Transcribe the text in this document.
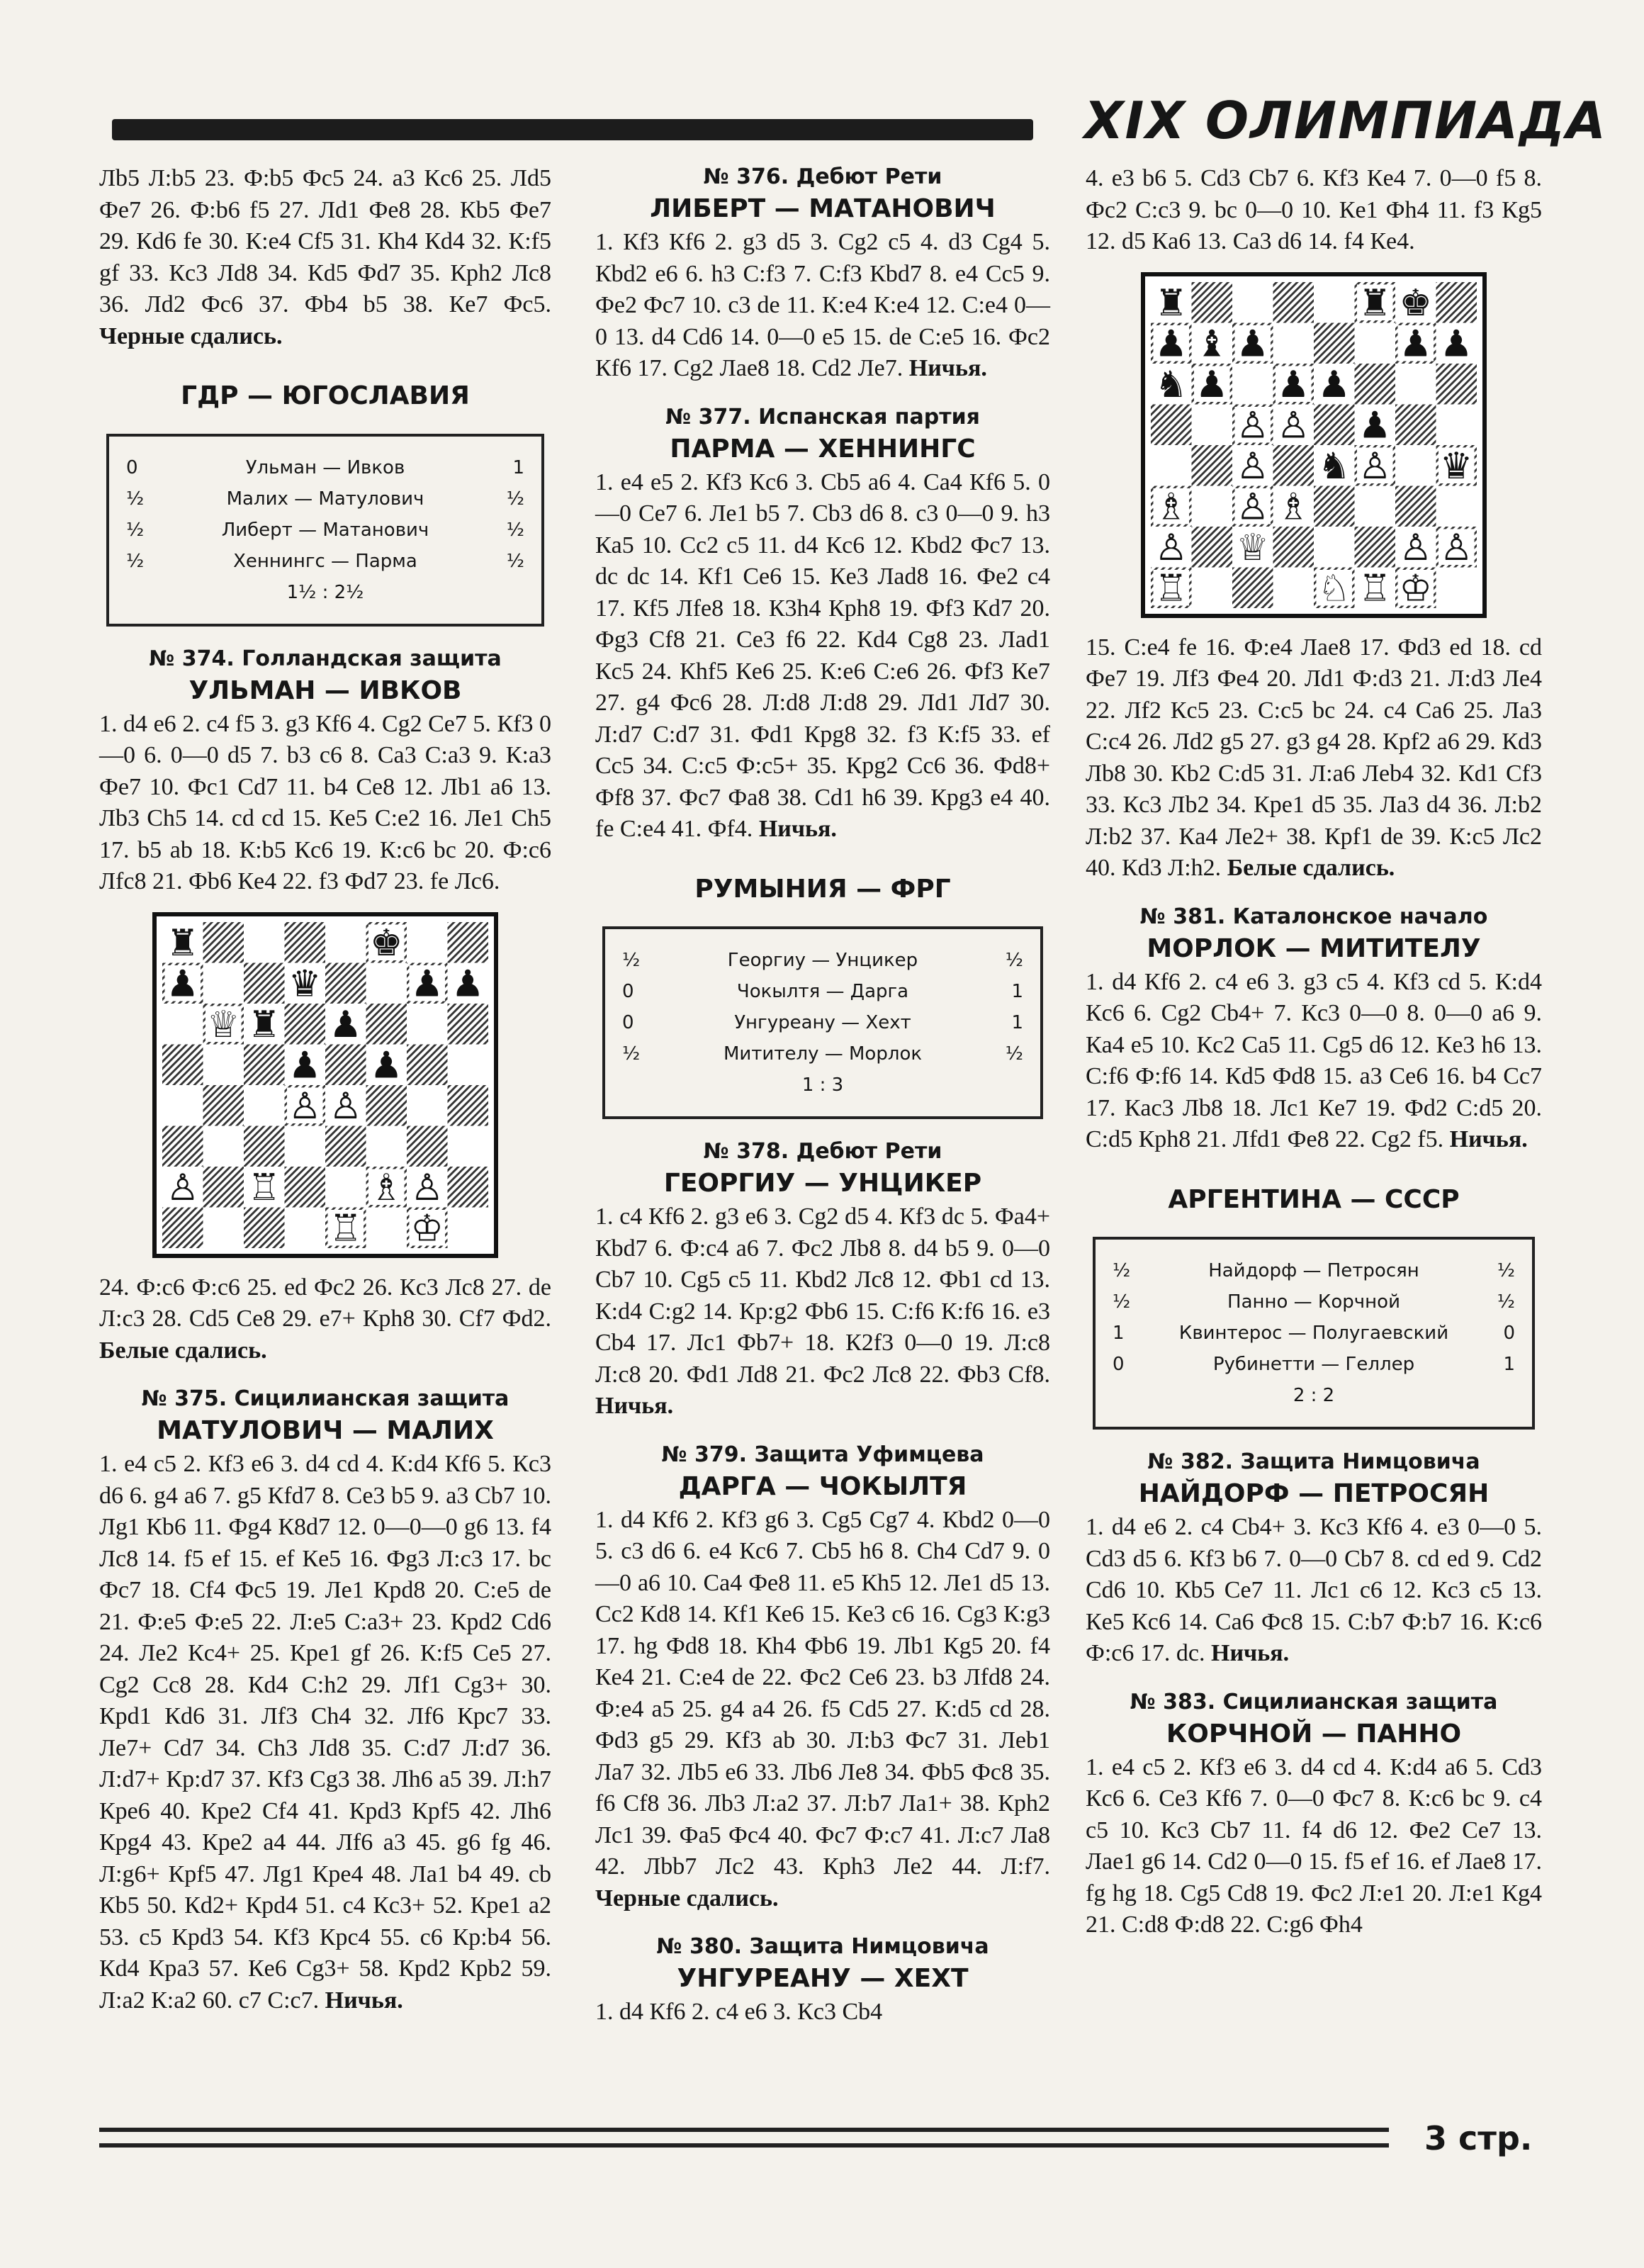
XIX ОЛИМПИАДА

Лb5 Л:b5 23. Ф:b5 Фc5 24. a3 Кc6 25. Лd5 Фe7 26. Ф:b6 f5 27. Лd1 Фe8 28. Кb5 Фe7 29. Кd6 fe 30. К:e4 Сf5 31. Кh4 Кd4 32. К:f5 gf 33. Кc3 Лd8 34. Кd5 Фd7 35. Крh2 Лc8 36. Лd2 Фc6 37. Фb4 b5 38. Кe7 Фc5. Черные сдались.

ГДР — ЮГОСЛАВИЯ
0	Ульман — Ивков	1
½	Малих — Матулович	½
½	Либерт — Матанович	½
½	Хеннингс — Парма	½
1½ : 2½
№ 374. Голландская защита
УЛЬМАН — ИВКОВ

1. d4 e6 2. c4 f5 3. g3 Кf6 4. Сg2 Сe7 5. Кf3 0—0 6. 0—0 d5 7. b3 c6 8. Сa3 С:a3 9. К:a3 Фe7 10. Фc1 Сd7 11. b4 Сe8 12. Лb1 a6 13. Лb3 Сh5 14. cd cd 15. Кe5 С:e2 16. Лe1 Сh5 17. b5 ab 18. К:b5 Кc6 19. К:c6 bc 20. Ф:c6 Лfc8 21. Фb6 Кe4 22. f3 Фd7 23. fe Лc6.

24. Ф:c6 Ф:c6 25. ed Фc2 26. Кc3 Лc8 27. de Л:c3 28. Сd5 Сe8 29. e7+ Крh8 30. Сf7 Фd2. Белые сдались.

№ 375. Сицилианская защита
МАТУЛОВИЧ — МАЛИХ

1. e4 c5 2. Кf3 e6 3. d4 cd 4. К:d4 Кf6 5. Кc3 d6 6. g4 a6 7. g5 Кfd7 8. Сe3 b5 9. a3 Сb7 10. Лg1 Кb6 11. Фg4 К8d7 12. 0—0—0 g6 13. f4 Лc8 14. f5 ef 15. ef Кe5 16. Фg3 Л:c3 17. bc Фc7 18. Сf4 Фc5 19. Лe1 Крd8 20. С:e5 de 21. Ф:e5 Ф:e5 22. Л:e5 С:a3+ 23. Крd2 Сd6 24. Лe2 Кc4+ 25. Крe1 gf 26. К:f5 Сe5 27. Сg2 Сc8 28. Кd4 С:h2 29. Лf1 Сg3+ 30. Крd1 Кd6 31. Лf3 Сh4 32. Лf6 Крc7 33. Лe7+ Сd7 34. Сh3 Лd8 35. С:d7 Л:d7 36. Л:d7+ Кр:d7 37. Кf3 Сg3 38. Лh6 a5 39. Л:h7 Крe6 40. Крe2 Сf4 41. Крd3 Крf5 42. Лh6 Крg4 43. Крe2 a4 44. Лf6 a3 45. g6 fg 46. Л:g6+ Крf5 47. Лg1 Крe4 48. Лa1 b4 49. cb Кb5 50. Кd2+ Крd4 51. c4 Кc3+ 52. Крe1 a2 53. c5 Крd3 54. Кf3 Крc4 55. c6 Кр:b4 56. Кd4 Крa3 57. Кe6 Сg3+ 58. Крd2 Крb2 59. Л:a2 К:a2 60. c7 С:c7. Ничья.

№ 376. Дебют Рети
ЛИБЕРТ — МАТАНОВИЧ

1. Кf3 Кf6 2. g3 d5 3. Сg2 c5 4. d3 Сg4 5. Кbd2 e6 6. h3 С:f3 7. С:f3 Кbd7 8. e4 Сc5 9. Фe2 Фc7 10. c3 de 11. К:e4 К:e4 12. С:e4 0—0 13. d4 Сd6 14. 0—0 e5 15. de С:e5 16. Фc2 Кf6 17. Сg2 Лae8 18. Сd2 Лe7. Ничья.

№ 377. Испанская партия
ПАРМА — ХЕННИНГС

1. e4 e5 2. Кf3 Кc6 3. Сb5 a6 4. Сa4 Кf6 5. 0—0 Сe7 6. Лe1 b5 7. Сb3 d6 8. c3 0—0 9. h3 Кa5 10. Сc2 c5 11. d4 Кc6 12. Кbd2 Фc7 13. dc dc 14. Кf1 Сe6 15. Кe3 Лad8 16. Фe2 c4 17. Кf5 Лfe8 18. К3h4 Крh8 19. Фf3 Кd7 20. Фg3 Сf8 21. Сe3 f6 22. Кd4 Сg8 23. Лad1 Кc5 24. Кhf5 Кe6 25. К:e6 С:e6 26. Фf3 Кe7 27. g4 Фc6 28. Л:d8 Л:d8 29. Лd1 Лd7 30. Л:d7 С:d7 31. Фd1 Крg8 32. f3 К:f5 33. ef Сc5 34. С:c5 Ф:c5+ 35. Крg2 Сc6 36. Фd8+ Фf8 37. Фc7 Фa8 38. Сd1 h6 39. Крg3 e4 40. fe С:e4 41. Фf4. Ничья.

РУМЫНИЯ — ФРГ
½	Георгиу — Унцикер	½
0	Чокылтя — Дарга	1
0	Унгуреану — Хехт	1
½	Митителу — Морлок	½
1 : 3
№ 378. Дебют Рети
ГЕОРГИУ — УНЦИКЕР

1. c4 Кf6 2. g3 e6 3. Сg2 d5 4. Кf3 dc 5. Фa4+ Кbd7 6. Ф:c4 a6 7. Фc2 Лb8 8. d4 b5 9. 0—0 Сb7 10. Сg5 c5 11. Кbd2 Лc8 12. Фb1 cd 13. К:d4 С:g2 14. Кр:g2 Фb6 15. С:f6 К:f6 16. e3 Сb4 17. Лc1 Фb7+ 18. К2f3 0—0 19. Л:c8 Л:c8 20. Фd1 Лd8 21. Фc2 Лc8 22. Фb3 Сf8. Ничья.

№ 379. Защита Уфимцева
ДАРГА — ЧОКЫЛТЯ

1. d4 Кf6 2. Кf3 g6 3. Сg5 Сg7 4. Кbd2 0—0 5. c3 d6 6. e4 Кc6 7. Сb5 h6 8. Сh4 Сd7 9. 0—0 a6 10. Сa4 Фe8 11. e5 Кh5 12. Лe1 d5 13. Сc2 Кd8 14. Кf1 Кe6 15. Кe3 c6 16. Сg3 К:g3 17. hg Фd8 18. Кh4 Фb6 19. Лb1 Кg5 20. f4 Кe4 21. С:e4 de 22. Фc2 Сe6 23. b3 Лfd8 24. Ф:e4 a5 25. g4 a4 26. f5 Сd5 27. К:d5 cd 28. Фd3 g5 29. Кf3 ab 30. Л:b3 Фc7 31. Лeb1 Лa7 32. Лb5 e6 33. Лb6 Лe8 34. Фb5 Фc8 35. f6 Сf8 36. Лb3 Л:a2 37. Л:b7 Лa1+ 38. Крh2 Лc1 39. Фa5 Фc4 40. Фc7 Ф:c7 41. Л:c7 Лa8 42. Лbb7 Лc2 43. Крh3 Лe2 44. Л:f7. Черные сдались.

№ 380. Защита Нимцовича
УНГУРЕАНУ — ХЕХТ

1. d4 Кf6 2. c4 e6 3. Кc3 Сb4

4. e3 b6 5. Сd3 Сb7 6. Кf3 Кe4 7. 0—0 f5 8. Фc2 С:c3 9. bc 0—0 10. Кe1 Фh4 11. f3 Кg5 12. d5 Кa6 13. Сa3 d6 14. f4 Кe4.

15. С:e4 fe 16. Ф:e4 Лae8 17. Фd3 ed 18. cd Фe7 19. Лf3 Фe4 20. Лd1 Ф:d3 21. Л:d3 Лe4 22. Лf2 Кc5 23. С:c5 bc 24. c4 Сa6 25. Лa3 С:c4 26. Лd2 g5 27. g3 g4 28. Крf2 a6 29. Кd3 Лb8 30. Кb2 С:d5 31. Л:a6 Лeb4 32. Кd1 Сf3 33. Кc3 Лb2 34. Крe1 d5 35. Лa3 d4 36. Л:b2 Л:b2 37. Кa4 Лe2+ 38. Крf1 de 39. К:c5 Лc2 40. Кd3 Л:h2. Белые сдались.

№ 381. Каталонское начало
МОРЛОК — МИТИТЕЛУ

1. d4 Кf6 2. c4 e6 3. g3 c5 4. Кf3 cd 5. К:d4 Кc6 6. Сg2 Сb4+ 7. Кc3 0—0 8. 0—0 a6 9. Кa4 e5 10. Кc2 Сa5 11. Сg5 d6 12. Кe3 h6 13. С:f6 Ф:f6 14. Кd5 Фd8 15. a3 Сe6 16. b4 Сc7 17. Кac3 Лb8 18. Лc1 Кe7 19. Фd2 С:d5 20. С:d5 Крh8 21. Лfd1 Фe8 22. Сg2 f5. Ничья.

АРГЕНТИНА — СССР
½	Найдорф — Петросян	½
½	Панно — Корчной	½
1	Квинтерос — Полугаевский	0
0	Рубинетти — Геллер	1
2 : 2
№ 382. Защита Нимцовича
НАЙДОРФ — ПЕТРОСЯН

1. d4 e6 2. c4 Сb4+ 3. Кc3 Кf6 4. e3 0—0 5. Сd3 d5 6. Кf3 b6 7. 0—0 Сb7 8. cd ed 9. Сd2 Сd6 10. Кb5 Сe7 11. Лc1 c6 12. Кc3 c5 13. Кe5 Кc6 14. Сa6 Фc8 15. С:b7 Ф:b7 16. К:c6 Ф:c6 17. dc. Ничья.

№ 383. Сицилианская защита
КОРЧНОЙ — ПАННО

1. e4 c5 2. Кf3 e6 3. d4 cd 4. К:d4 a6 5. Сd3 Кc6 6. Сe3 Кf6 7. 0—0 Фc7 8. К:c6 bc 9. c4 c5 10. Кc3 Сb7 11. f4 d6 12. Фe2 Сe7 13. Лae1 g6 14. Сd2 0—0 15. f5 ef 16. ef Лae8 17. fg hg 18. Сg5 Сd8 19. Фc2 Л:e1 20. Л:e1 Кg4 21. С:d8 Ф:d8 22. С:g6 Фh4

3 стр.
